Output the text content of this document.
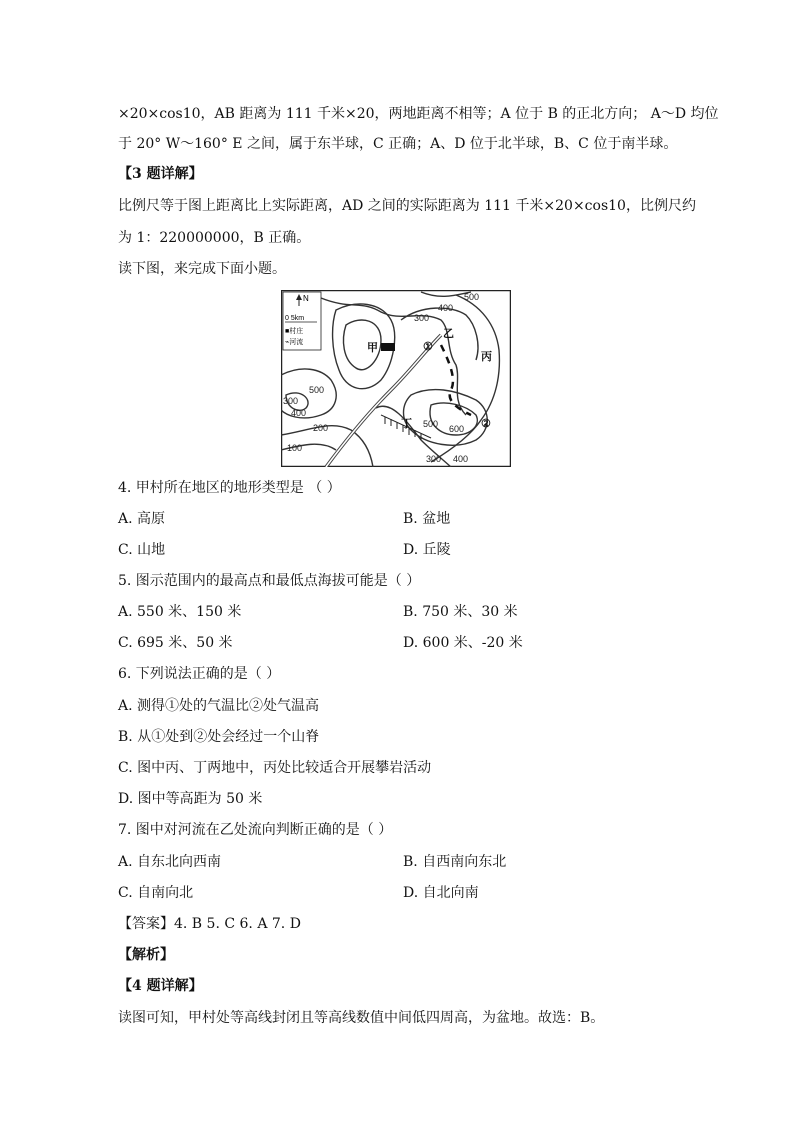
×20×cos10，AB 距离为 111 千米×20，两地距离不相等；A 位于 B 的正北方向； A～D 均位
于 20° W～160° E 之间，属于东半球，C 正确；A、D 位于北半球，B、C 位于南半球。
【3 题详解】
比例尺等于图上距离比上实际距离，AD 之间的实际距离为 111 千米×20×cos10，比例尺约
为 1：220000000，B 正确。
读下图，来完成下面小题。
N
0 5km
■村庄
⌁河流	甲
乙
丙
丁
①
②
500
400
300
500
400
300
200
100
500 600
300 400
4. 甲村所在地区的地形类型是 （ ）
A. 高原	B. 盆地
C. 山地	D. 丘陵
5. 图示范围内的最高点和最低点海拔可能是（ ）
A. 550 米、150 米	B. 750 米、30 米
C. 695 米、50 米	D. 600 米、-20 米
6. 下列说法正确的是（ ）
A. 测得①处的气温比②处气温高
B. 从①处到②处会经过一个山脊
C. 图中丙、丁两地中，丙处比较适合开展攀岩活动
D. 图中等高距为 50 米
7. 图中对河流在乙处流向判断正确的是（ ）
A. 自东北向西南	B. 自西南向东北
C. 自南向北	D. 自北向南
【答案】4. B 5. C 6. A 7. D
【解析】
【4 题详解】
读图可知，甲村处等高线封闭且等高线数值中间低四周高，为盆地。故选：B。
